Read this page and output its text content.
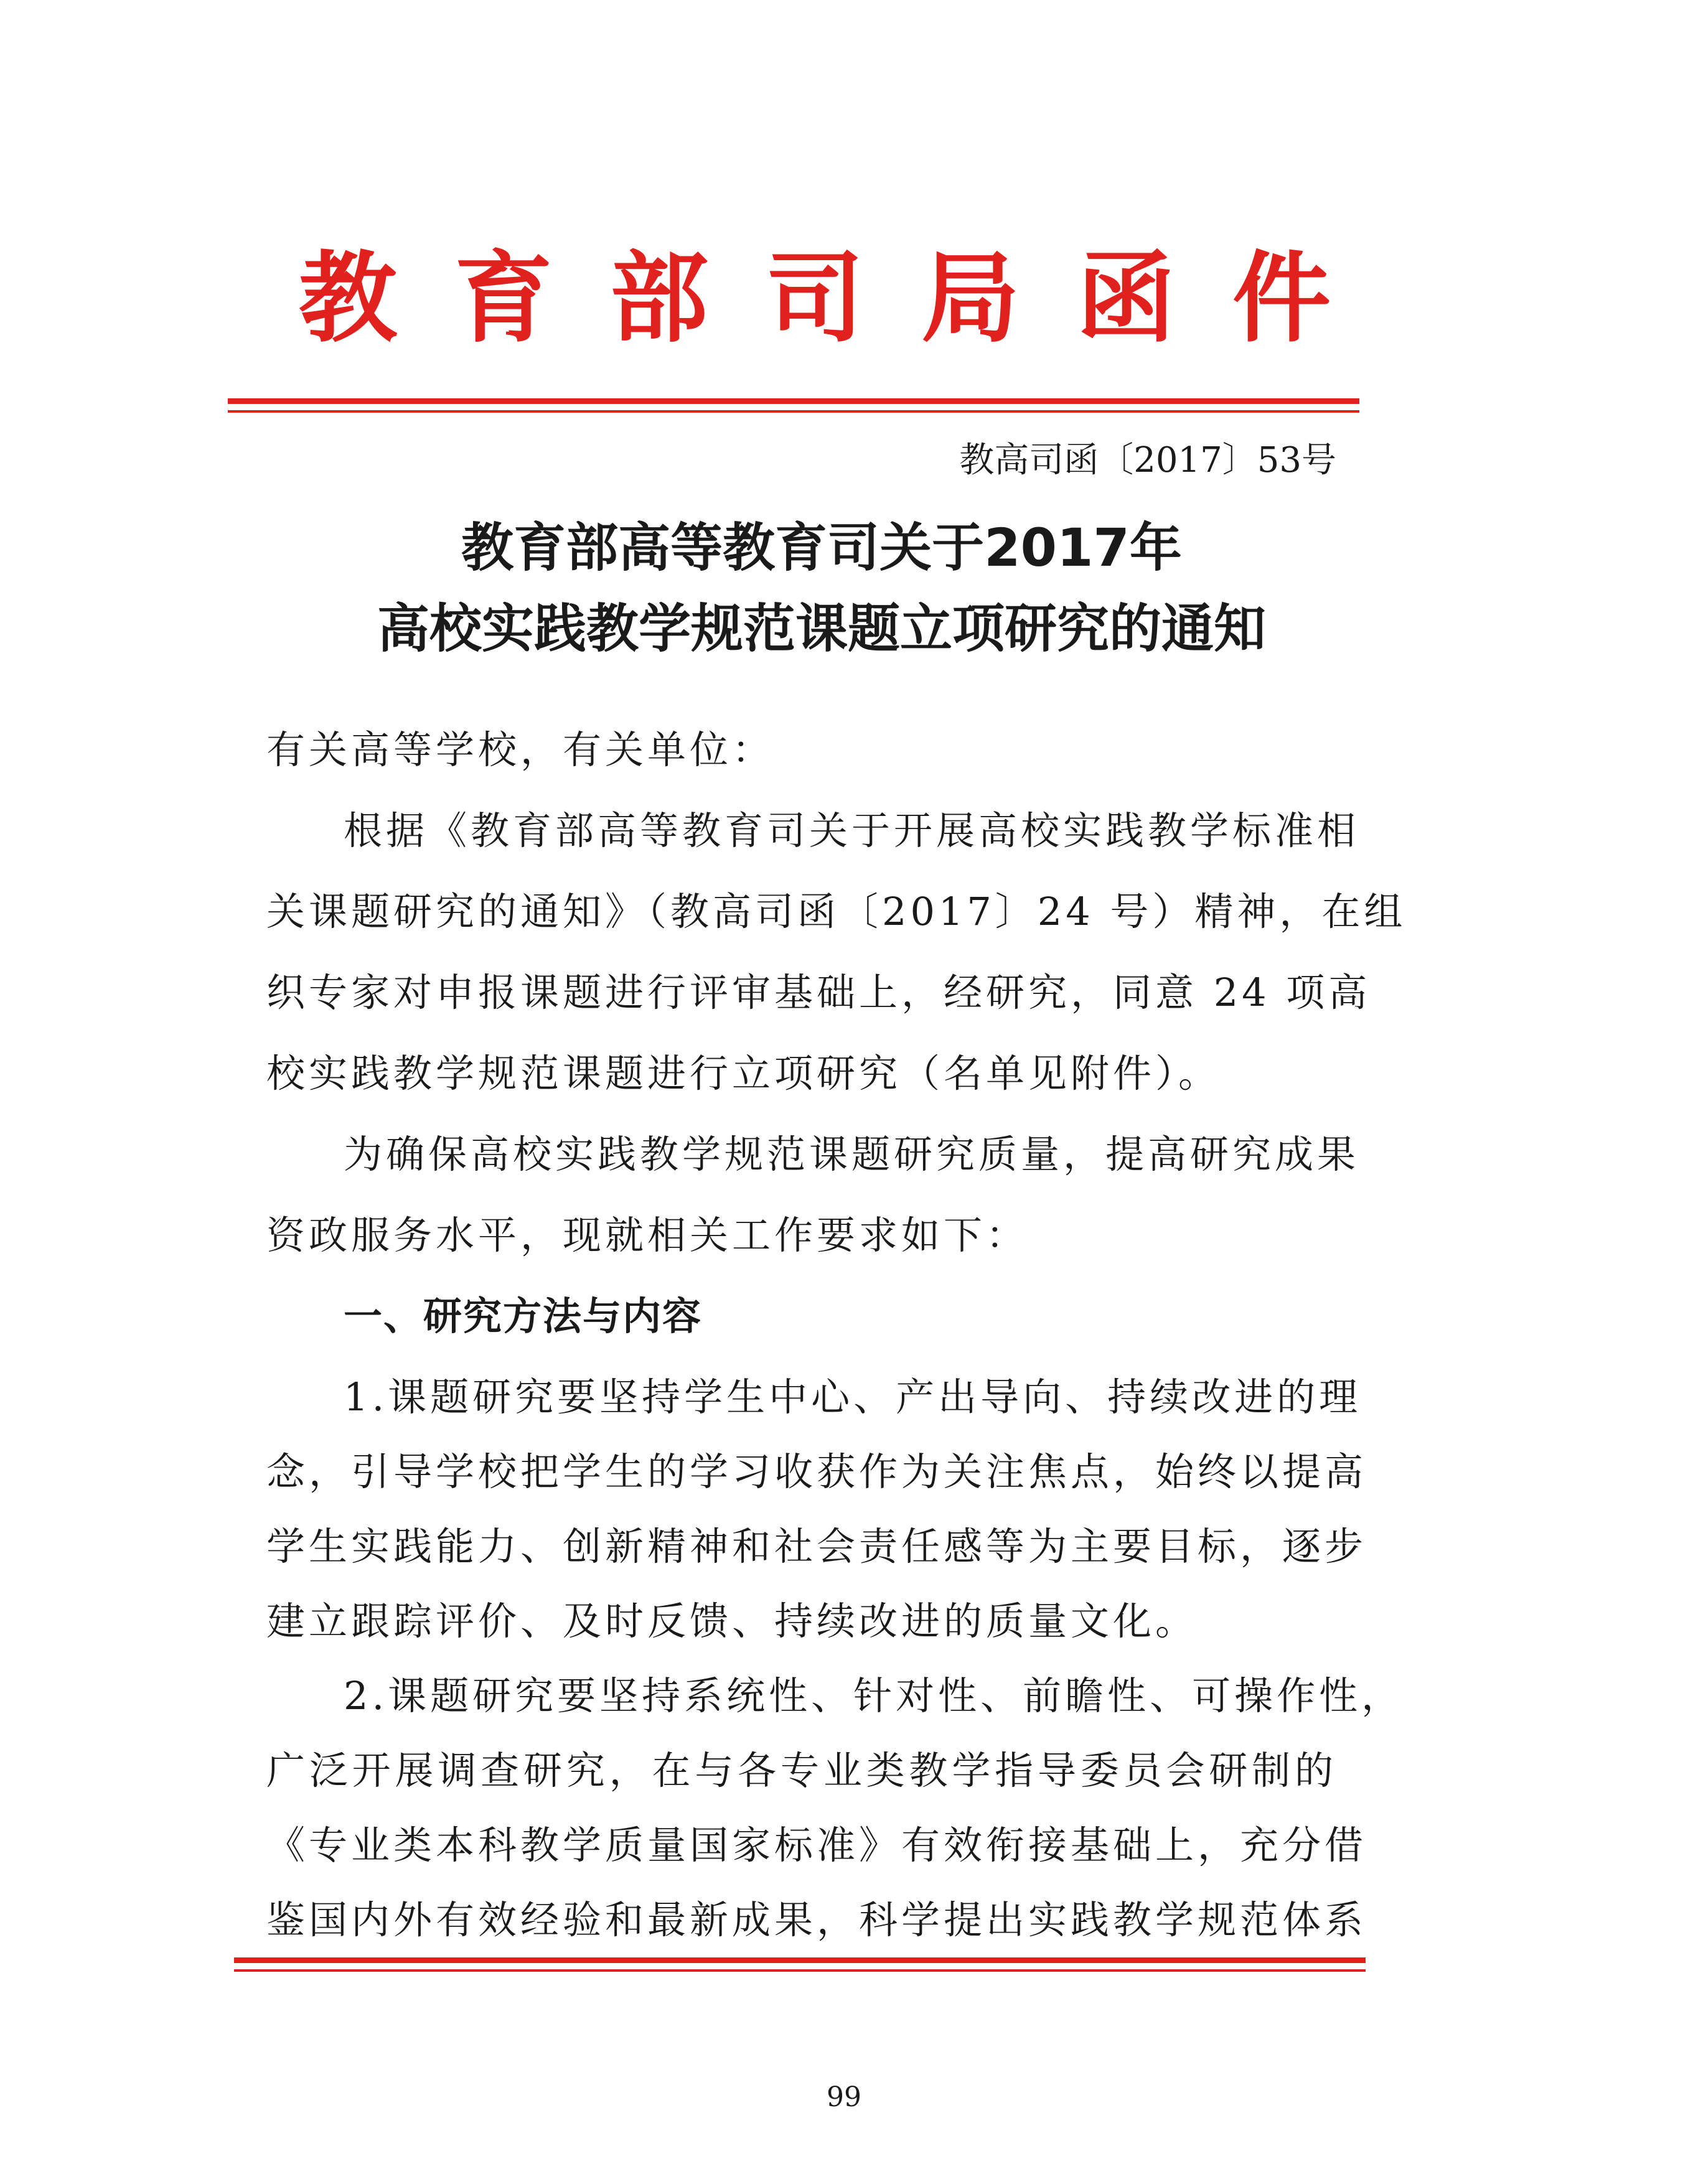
教育部司局函件
教高司函〔2017〕53号
教育部高等教育司关于2017年
高校实践教学规范课题立项研究的通知
有关高等学校，有关单位：
根据《教育部高等教育司关于开展高校实践教学标准相
关课题研究的通知》（教高司函〔2017〕24 号）精神，在组
织专家对申报课题进行评审基础上，经研究，同意 24 项高
校实践教学规范课题进行立项研究（名单见附件）。
为确保高校实践教学规范课题研究质量，提高研究成果
资政服务水平，现就相关工作要求如下：
一、研究方法与内容
1.课题研究要坚持学生中心、产出导向、持续改进的理
念，引导学校把学生的学习收获作为关注焦点，始终以提高
学生实践能力、创新精神和社会责任感等为主要目标，逐步
建立跟踪评价、及时反馈、持续改进的质量文化。
2.课题研究要坚持系统性、针对性、前瞻性、可操作性，
广泛开展调查研究，在与各专业类教学指导委员会研制的
《专业类本科教学质量国家标准》有效衔接基础上，充分借
鉴国内外有效经验和最新成果，科学提出实践教学规范体系
99
